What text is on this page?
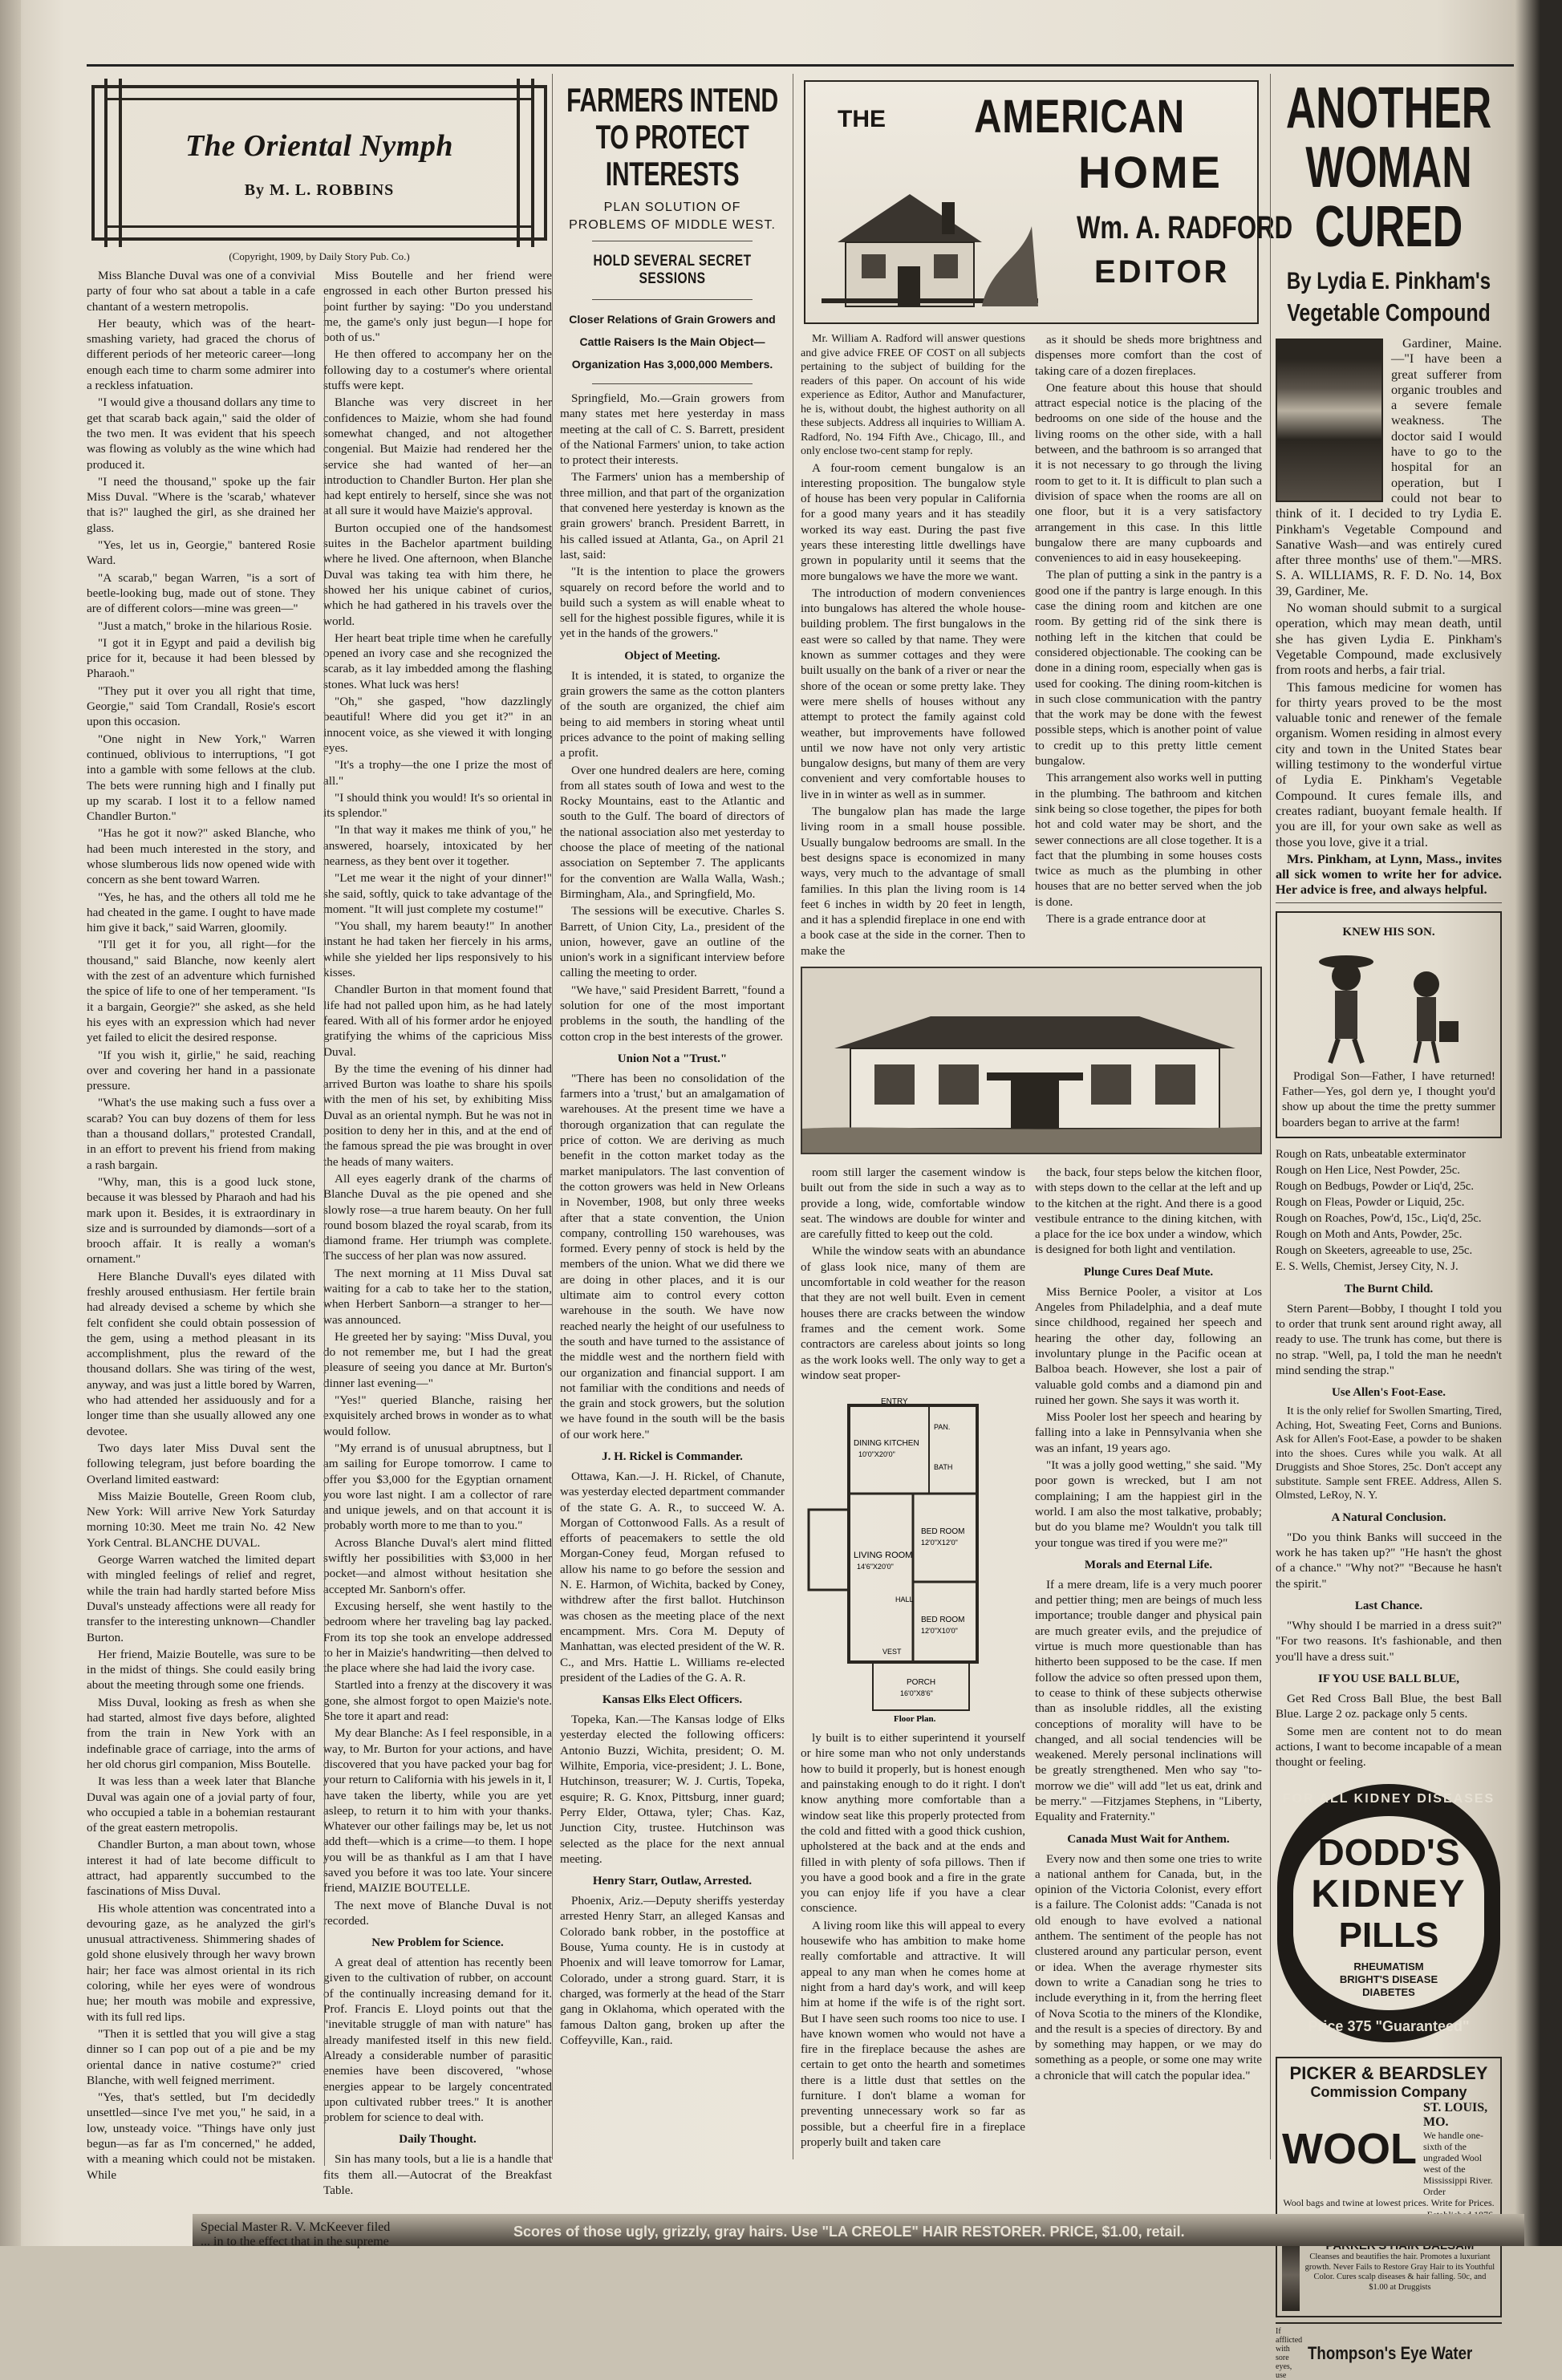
The Oriental Nymph
By M. L. ROBBINS
(Copyright, 1909, by Daily Story Pub. Co.)

Miss Blanche Duval was one of a convivial party of four who sat about a table in a cafe chantant of a western metropolis.

Her beauty, which was of the heart-smashing variety, had graced the chorus of different periods of her meteoric career—long enough each time to charm some admirer into a reckless infatuation.

"I would give a thousand dollars any time to get that scarab back again," said the older of the two men. It was evident that his speech was flowing as volubly as the wine which had produced it.

"I need the thousand," spoke up the fair Miss Duval. "Where is the 'scarab,' whatever that is?" laughed the girl, as she drained her glass.

"Yes, let us in, Georgie," bantered Rosie Ward.

"A scarab," began Warren, "is a sort of beetle-looking bug, made out of stone. They are of different colors—mine was green—"

"Just a match," broke in the hilarious Rosie.

"I got it in Egypt and paid a devilish big price for it, because it had been blessed by Pharaoh."

"They put it over you all right that time, Georgie," said Tom Crandall, Rosie's escort upon this occasion.

"One night in New York," Warren continued, oblivious to interruptions, "I got into a gamble with some fellows at the club. The bets were running high and I finally put up my scarab. I lost it to a fellow named Chandler Burton."

"Has he got it now?" asked Blanche, who had been much interested in the story, and whose slumberous lids now opened wide with concern as she bent toward Warren.

"Yes, he has, and the others all told me he had cheated in the game. I ought to have made him give it back," said Warren, gloomily.

"I'll get it for you, all right—for the thousand," said Blanche, now keenly alert with the zest of an adventure which furnished the spice of life to one of her temperament. "Is it a bargain, Georgie?" she asked, as she held his eyes with an expression which had never yet failed to elicit the desired response.

"If you wish it, girlie," he said, reaching over and covering her hand in a passionate pressure.

"What's the use making such a fuss over a scarab? You can buy dozens of them for less than a thousand dollars," protested Crandall, in an effort to prevent his friend from making a rash bargain.

"Why, man, this is a good luck stone, because it was blessed by Pharaoh and had his mark upon it. Besides, it is extraordinary in size and is surrounded by diamonds—sort of a brooch affair. It is really a woman's ornament."

Here Blanche Duvall's eyes dilated with freshly aroused enthusiasm. Her fertile brain had already devised a scheme by which she felt confident she could obtain possession of the gem, using a method pleasant in its accomplishment, plus the reward of the thousand dollars. She was tiring of the west, anyway, and was just a little bored by Warren, who had attended her assiduously and for a longer time than she usually allowed any one devotee.

Two days later Miss Duval sent the following telegram, just before boarding the Overland limited eastward:

Miss Maizie Boutelle, Green Room club, New York: Will arrive New York Saturday morning 10:30. Meet me train No. 42 New York Central. BLANCHE DUVAL.

George Warren watched the limited depart with mingled feelings of relief and regret, while the train had hardly started before Miss Duval's unsteady affections were all ready for transfer to the interesting unknown—Chandler Burton.

Her friend, Maizie Boutelle, was sure to be in the midst of things. She could easily bring about the meeting through some one friends.

Miss Duval, looking as fresh as when she had started, almost five days before, alighted from the train in New York with an indefinable grace of carriage, into the arms of her old chorus girl companion, Miss Boutelle.

It was less than a week later that Blanche Duval was again one of a jovial party of four, who occupied a table in a bohemian restaurant of the great eastern metropolis.

Chandler Burton, a man about town, whose interest it had of late become difficult to attract, had apparently succumbed to the fascinations of Miss Duval.

His whole attention was concentrated into a devouring gaze, as he analyzed the girl's unusual attractiveness. Shimmering shades of gold shone elusively through her wavy brown hair; her face was almost oriental in its rich coloring, while her eyes were of wondrous hue; her mouth was mobile and expressive, with its full red lips.

"Then it is settled that you will give a stag dinner so I can pop out of a pie and be my oriental dance in native costume?" cried Blanche, with well feigned merriment.

"Yes, that's settled, but I'm decidedly unsettled—since I've met you," he said, in a low, unsteady voice. "Things have only just begun—as far as I'm concerned," he added, with a meaning which could not be mistaken. While

Miss Boutelle and her friend were engrossed in each other Burton pressed his point further by saying: "Do you understand me, the game's only just begun—I hope for both of us."

He then offered to accompany her on the following day to a costumer's where oriental stuffs were kept.

Blanche was very discreet in her confidences to Maizie, whom she had found somewhat changed, and not altogether congenial. But Maizie had rendered her the service she had wanted of her—an introduction to Chandler Burton. Her plan she had kept entirely to herself, since she was not at all sure it would have Maizie's approval.

Burton occupied one of the handsomest suites in the Bachelor apartment building where he lived. One afternoon, when Blanche Duval was taking tea with him there, he showed her his unique cabinet of curios, which he had gathered in his travels over the world.

Her heart beat triple time when he carefully opened an ivory case and she recognized the scarab, as it lay imbedded among the flashing stones. What luck was hers!

"Oh," she gasped, "how dazzlingly beautiful! Where did you get it?" in an innocent voice, as she viewed it with longing eyes.

"It's a trophy—the one I prize the most of all."

"I should think you would! It's so oriental in its splendor."

"In that way it makes me think of you," he answered, hoarsely, intoxicated by her nearness, as they bent over it together.

"Let me wear it the night of your dinner!" she said, softly, quick to take advantage of the moment. "It will just complete my costume!"

"You shall, my harem beauty!" In another instant he had taken her fiercely in his arms, while she yielded her lips responsively to his kisses.

Chandler Burton in that moment found that life had not palled upon him, as he had lately feared. With all of his former ardor he enjoyed gratifying the whims of the capricious Miss Duval.

By the time the evening of his dinner had arrived Burton was loathe to share his spoils with the men of his set, by exhibiting Miss Duval as an oriental nymph. But he was not in position to deny her in this, and at the end of the famous spread the pie was brought in over the heads of many waiters.

All eyes eagerly drank of the charms of Blanche Duval as the pie opened and she slowly rose—a true harem beauty. On her full round bosom blazed the royal scarab, from its diamond frame. Her triumph was complete. The success of her plan was now assured.

The next morning at 11 Miss Duval sat waiting for a cab to take her to the station, when Herbert Sanborn—a stranger to her—was announced.

He greeted her by saying: "Miss Duval, you do not remember me, but I had the great pleasure of seeing you dance at Mr. Burton's dinner last evening—"

"Yes!" queried Blanche, raising her exquisitely arched brows in wonder as to what would follow.

"My errand is of unusual abruptness, but I am sailing for Europe tomorrow. I came to offer you $3,000 for the Egyptian ornament you wore last night. I am a collector of rare and unique jewels, and on that account it is probably worth more to me than to you."

Across Blanche Duval's alert mind flitted swiftly her possibilities with $3,000 in her pocket—and almost without hesitation she accepted Mr. Sanborn's offer.

Excusing herself, she went hastily to the bedroom where her traveling bag lay packed. From its top she took an envelope addressed to her in Maizie's handwriting—then delved to the place where she had laid the ivory case.

Startled into a frenzy at the discovery it was gone, she almost forgot to open Maizie's note. She tore it apart and read:

My dear Blanche: As I feel responsible, in a way, to Mr. Burton for your actions, and have discovered that you have packed your bag for your return to California with his jewels in it, I have taken the liberty, while you are yet asleep, to return it to him with your thanks. Whatever our other failings may be, let us not add theft—which is a crime—to them. I hope you will be as thankful as I am that I have saved you before it was too late. Your sincere friend, MAIZIE BOUTELLE.

The next move of Blanche Duval is not recorded.

New Problem for Science.

A great deal of attention has recently been given to the cultivation of rubber, on account of the continually increasing demand for it. Prof. Francis E. Lloyd points out that the "inevitable struggle of man with nature" has already manifested itself in this new field. Already a considerable number of parasitic enemies have been discovered, "whose energies appear to be largely concentrated upon cultivated rubber trees." It is another problem for science to deal with.

Daily Thought.

Sin has many tools, but a lie is a handle that fits them all.—Autocrat of the Breakfast Table.

FARMERS INTEND TO PROTECT INTERESTS
PLAN SOLUTION OF PROBLEMS OF MIDDLE WEST.
HOLD SEVERAL SECRET SESSIONS
Closer Relations of Grain Growers and Cattle Raisers Is the Main Object—Organization Has 3,000,000 Members.

Springfield, Mo.—Grain growers from many states met here yesterday in mass meeting at the call of C. S. Barrett, president of the National Farmers' union, to take action to protect their interests.

The Farmers' union has a membership of three million, and that part of the organization that convened here yesterday is known as the grain growers' branch. President Barrett, in his called issued at Atlanta, Ga., on April 21 last, said:

"It is the intention to place the growers squarely on record before the world and to build such a system as will enable wheat to sell for the highest possible figures, while it is yet in the hands of the growers."

Object of Meeting.

It is intended, it is stated, to organize the grain growers the same as the cotton planters of the south are organized, the chief aim being to aid members in storing wheat until prices advance to the point of making selling a profit.

Over one hundred dealers are here, coming from all states south of Iowa and west to the Rocky Mountains, east to the Atlantic and south to the Gulf. The board of directors of the national association also met yesterday to choose the place of meeting of the national association on September 7. The applicants for the convention are Walla Walla, Wash.; Birmingham, Ala., and Springfield, Mo.

The sessions will be executive. Charles S. Barrett, of Union City, La., president of the union, however, gave an outline of the union's work in a significant interview before calling the meeting to order.

"We have," said President Barrett, "found a solution for one of the most important problems in the south, the handling of the cotton crop in the best interests of the grower.

Union Not a "Trust."

"There has been no consolidation of the farmers into a 'trust,' but an amalgamation of warehouses. At the present time we have a thorough organization that can regulate the price of cotton. We are deriving as much benefit in the cotton market today as the market manipulators. The last convention of the cotton growers was held in New Orleans in November, 1908, but only three weeks after that a state convention, the Union company, controlling 150 warehouses, was formed. Every penny of stock is held by the members of the union. What we did there we are doing in other places, and it is our ultimate aim to control every cotton warehouse in the south. We have now reached nearly the height of our usefulness to the south and have turned to the assistance of the middle west and the northern field with our organization and financial support. I am not familiar with the conditions and needs of the grain and stock growers, but the solution we have found in the south will be the basis of our work here."

J. H. Rickel is Commander.

Ottawa, Kan.—J. H. Rickel, of Chanute, was yesterday elected department commander of the state G. A. R., to succeed W. A. Morgan of Cottonwood Falls. As a result of efforts of peacemakers to settle the old Morgan-Coney feud, Morgan refused to allow his name to go before the session and N. E. Harmon, of Wichita, backed by Coney, withdrew after the first ballot. Hutchinson was chosen as the meeting place of the next encampment. Mrs. Cora M. Deputy of Manhattan, was elected president of the W. R. C., and Mrs. Hattie L. Williams re-elected president of the Ladies of the G. A. R.

Kansas Elks Elect Officers.

Topeka, Kan.—The Kansas lodge of Elks yesterday elected the following officers: Antonio Buzzi, Wichita, president; O. M. Wilhite, Emporia, vice-president; J. L. Bone, Hutchinson, treasurer; W. J. Curtis, Topeka, esquire; R. G. Knox, Pittsburg, inner guard; Perry Elder, Ottawa, tyler; Chas. Kaz, Junction City, trustee. Hutchinson was selected as the place for the next annual meeting.

Henry Starr, Outlaw, Arrested.

Phoenix, Ariz.—Deputy sheriffs yesterday arrested Henry Starr, an alleged Kansas and Colorado bank robber, in the postoffice at Bouse, Yuma county. He is in custody at Phoenix and will leave tomorrow for Lamar, Colorado, under a strong guard. Starr, it is charged, was formerly at the head of the Starr gang in Oklahoma, which operated with the famous Dalton gang, broken up after the Coffeyville, Kan., raid.

THE	AMERICAN
HOME
Wm. A. RADFORD
EDITOR

Mr. William A. Radford will answer questions and give advice FREE OF COST on all subjects pertaining to the subject of building for the readers of this paper. On account of his wide experience as Editor, Author and Manufacturer, he is, without doubt, the highest authority on all these subjects. Address all inquiries to William A. Radford, No. 194 Fifth Ave., Chicago, Ill., and only enclose two-cent stamp for reply.

A four-room cement bungalow is an interesting proposition. The bungalow style of house has been very popular in California for a good many years and it has steadily worked its way east. During the past five years these interesting little dwellings have grown in popularity until it seems that the more bungalows we have the more we want.

The introduction of modern conveniences into bungalows has altered the whole house-building problem. The first bungalows in the east were so called by that name. They were known as summer cottages and they were built usually on the bank of a river or near the shore of the ocean or some pretty lake. They were mere shells of houses without any attempt to protect the family against cold weather, but improvements have followed until we now have not only very artistic bungalow designs, but many of them are very convenient and very comfortable houses to live in in winter as well as in summer.

The bungalow plan has made the large living room in a small house possible. Usually bungalow bedrooms are small. In the best designs space is economized in many ways, very much to the advantage of small families. In this plan the living room is 14 feet 6 inches in width by 20 feet in length, and it has a splendid fireplace in one end with a book case at the side in the corner. Then to make the

as it should be sheds more brightness and dispenses more comfort than the cost of taking care of a dozen fireplaces.

One feature about this house that should attract especial notice is the placing of the bedrooms on one side of the house and the living rooms on the other side, with a hall between, and the bathroom is so arranged that it is not necessary to go through the living room to get to it. It is difficult to plan such a division of space when the rooms are all on one floor, but it is a very satisfactory arrangement in this case. In this little bungalow there are many cupboards and conveniences to aid in easy housekeeping.

The plan of putting a sink in the pantry is a good one if the pantry is large enough. In this case the dining room and kitchen are one room. By getting rid of the sink there is nothing left in the kitchen that could be considered objectionable. The cooking can be done in a dining room, especially when gas is used for cooking. The dining room-kitchen is in such close communication with the pantry that the work may be done with the fewest possible steps, which is another point of value to credit up to this pretty little cement bungalow.

This arrangement also works well in putting in the plumbing. The bathroom and kitchen sink being so close together, the pipes for both hot and cold water may be short, and the sewer connections are all close together. It is a fact that the plumbing in some houses costs twice as much as the plumbing in other houses that are no better served when the job is done.

There is a grade entrance door at

room still larger the casement window is built out from the side in such a way as to provide a long, wide, comfortable window seat. The windows are double for winter and are carefully fitted to keep out the cold.

While the window seats with an abundance of glass look nice, many of them are uncomfortable in cold weather for the reason that they are not well built. Even in cement houses there are cracks between the window frames and the cement work. Some contractors are careless about joints so long as the work looks well. The only way to get a window seat proper-

ENTRY
DINING KITCHEN
10'0"X20'0"
PAN.
BATH
LIVING ROOM
14'6"X20'0"
HALL
BED ROOM
12'0"X12'0"
BED ROOM
12'0"X10'0"
VEST
PORCH
16'0"X8'6"
Floor Plan.

ly built is to either superintend it yourself or hire some man who not only understands how to build it properly, but is honest enough and painstaking enough to do it right. I don't know anything more comfortable than a window seat like this properly protected from the cold and fitted with a good thick cushion, upholstered at the back and at the ends and filled in with plenty of sofa pillows. Then if you have a good book and a fire in the grate you can enjoy life if you have a clear conscience.

A living room like this will appeal to every housewife who has ambition to make home really comfortable and attractive. It will appeal to any man when he comes home at night from a hard day's work, and will keep him at home if the wife is of the right sort. But I have seen such rooms too nice to use. I have known women who would not have a fire in the fireplace because the ashes are certain to get onto the hearth and sometimes there is a little dust that settles on the furniture. I don't blame a woman for preventing unnecessary work so far as possible, but a cheerful fire in a fireplace properly built and taken care

the back, four steps below the kitchen floor, with steps down to the cellar at the left and up to the kitchen at the right. And there is a good vestibule entrance to the dining kitchen, with a place for the ice box under a window, which is designed for both light and ventilation.

Plunge Cures Deaf Mute.

Miss Bernice Pooler, a visitor at Los Angeles from Philadelphia, and a deaf mute since childhood, regained her speech and hearing the other day, following an involuntary plunge in the Pacific ocean at Balboa beach. However, she lost a pair of valuable gold combs and a diamond pin and ruined her gown. She says it was worth it.

Miss Pooler lost her speech and hearing by falling into a lake in Pennsylvania when she was an infant, 19 years ago.

"It was a jolly good wetting," she said. "My poor gown is wrecked, but I am not complaining; I am the happiest girl in the world. I am also the most talkative, probably; but do you blame me? Wouldn't you talk till your tongue was tired if you were me?"

Morals and Eternal Life.

If a mere dream, life is a very much poorer and pettier thing; men are beings of much less importance; trouble danger and physical pain are much greater evils, and the prejudice of virtue is much more questionable than has hitherto been supposed to be the case. If men follow the advice so often pressed upon them, to cease to think of these subjects otherwise than as insoluble riddles, all the existing conceptions of morality will have to be changed, and all social tendencies will be weakened. Merely personal inclinations will be greatly strengthened. Men who say "to-morrow we die" will add "let us eat, drink and be merry." —Fitzjames Stephens, in "Liberty, Equality and Fraternity."

Canada Must Wait for Anthem.

Every now and then some one tries to write a national anthem for Canada, but, in the opinion of the Victoria Colonist, every effort is a failure. The Colonist adds: "Canada is not old enough to have evolved a national anthem. The sentiment of the people has not clustered around any particular person, event or idea. When the average rhymester sits down to write a Canadian song he tries to include everything in it, from the herring fleet of Nova Scotia to the miners of the Klondike, and the result is a species of directory. By and by something may happen, or we may do something as a people, or some one may write a chronicle that will catch the popular idea."

ANOTHER WOMAN CURED
By Lydia E. Pinkham's
Vegetable Compound

Gardiner, Maine.—"I have been a great sufferer from organic troubles and a severe female weakness. The doctor said I would have to go to the hospital for an operation, but I could not bear to think of it. I decided to try Lydia E. Pinkham's Vegetable Compound and Sanative Wash—and was entirely cured after three months' use of them."—MRS. S. A. WILLIAMS, R. F. D. No. 14, Box 39, Gardiner, Me.

No woman should submit to a surgical operation, which may mean death, until she has given Lydia E. Pinkham's Vegetable Compound, made exclusively from roots and herbs, a fair trial.

This famous medicine for women has for thirty years proved to be the most valuable tonic and renewer of the female organism. Women residing in almost every city and town in the United States bear willing testimony to the wonderful virtue of Lydia E. Pinkham's Vegetable Compound. It cures female ills, and creates radiant, buoyant female health. If you are ill, for your own sake as well as those you love, give it a trial.

Mrs. Pinkham, at Lynn, Mass., invites all sick women to write her for advice. Her advice is free, and always helpful.

KNEW HIS SON.

Prodigal Son—Father, I have returned! Father—Yes, gol dern ye, I thought you'd show up about the time the pretty summer boarders began to arrive at the farm!

Rough on Rats, unbeatable exterminator
Rough on Hen Lice, Nest Powder, 25c.
Rough on Bedbugs, Powder or Liq'd, 25c.
Rough on Fleas, Powder or Liquid, 25c.
Rough on Roaches, Pow'd, 15c., Liq'd, 25c.
Rough on Moth and Ants, Powder, 25c.
Rough on Skeeters, agreeable to use, 25c.
E. S. Wells, Chemist, Jersey City, N. J.

The Burnt Child.

Stern Parent—Bobby, I thought I told you to order that trunk sent around right away, all ready to use. The trunk has come, but there is no strap. "Well, pa, I told the man he needn't mind sending the strap."

Use Allen's Foot-Ease.

It is the only relief for Swollen Smarting, Tired, Aching, Hot, Sweating Feet, Corns and Bunions. Ask for Allen's Foot-Ease, a powder to be shaken into the shoes. Cures while you walk. At all Druggists and Shoe Stores, 25c. Don't accept any substitute. Sample sent FREE. Address, Allen S. Olmsted, LeRoy, N. Y.

A Natural Conclusion.

"Do you think Banks will succeed in the work he has taken up?" "He hasn't the ghost of a chance." "Why not?" "Because he hasn't the spirit."

Last Chance.

"Why should I be married in a dress suit?" "For two reasons. It's fashionable, and then you'll have a dress suit."

IF YOU USE BALL BLUE,

Get Red Cross Ball Blue, the best Ball Blue. Large 2 oz. package only 5 cents.

Some men are content not to do mean actions, I want to become incapable of a mean thought or feeling.

DODD'S
KIDNEY
PILLS
RHEUMATISM
BRIGHT'S DISEASE
DIABETES
FOR ALL KIDNEY DISEASES
Price 375 "Guaranteed"
PICKER & BEARDSLEY
Commission Company
WOOL
ST. LOUIS, MO.
We handle one-sixth of the ungraded Wool west of the Mississippi River. Order
Wool bags and twine at lowest prices. Write for Prices.
Cleanses and beautifies the hair. Promotes a luxuriant growth. Never Fails to Restore Gray Hair to its Youthful Color. Cures scalp diseases & hair falling. 50c, and $1.00 at Druggists
If afflicted with sore eyes, use
Thompson's Eye Water
Special Master R. V. McKeever filed
... in to the effect that in the supreme
Scores of those ugly, grizzly, gray hairs. Use "LA CREOLE" HAIR RESTORER. PRICE, $1.00, retail.
